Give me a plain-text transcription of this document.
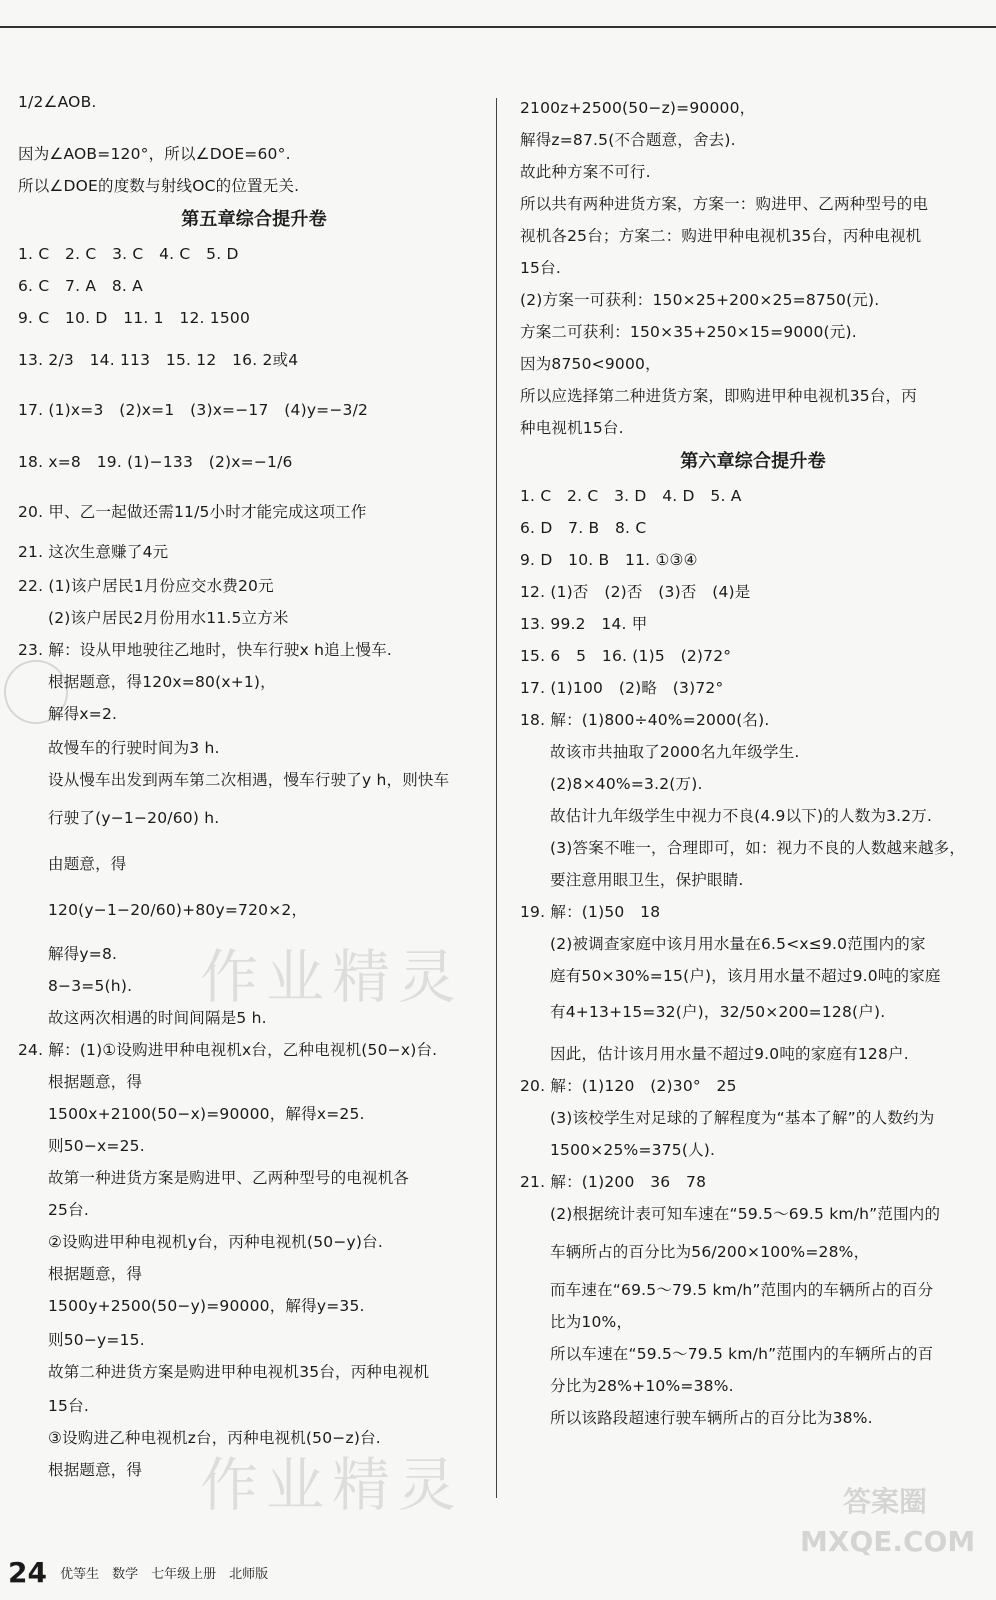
作业精灵
作业精灵	答案圈 MXQE.COM
1/2∠AOB.
因为∠AOB=120°，所以∠DOE=60°.
所以∠DOE的度数与射线OC的位置无关.
第五章综合提升卷
1. C　2. C　3. C　4. C　5. D
6. C　7. A　8. A
9. C　10. D　11. 1　12. 1500
13. 2/3　14. 113　15. 12　16. 2或4
17. (1)x=3　(2)x=1　(3)x=−17　(4)y=−3/2
18. x=8　19. (1)−133　(2)x=−1/6
20. 甲、乙一起做还需11/5小时才能完成这项工作
21. 这次生意赚了4元
22. (1)该户居民1月份应交水费20元
(2)该户居民2月份用水11.5立方米
23. 解：设从甲地驶往乙地时，快车行驶x h追上慢车.
根据题意，得120x=80(x+1)，
解得x=2.
故慢车的行驶时间为3 h.
设从慢车出发到两车第二次相遇，慢车行驶了y h，则快车
行驶了(y−1−20/60) h.
由题意，得
120(y−1−20/60)+80y=720×2，
解得y=8.
8−3=5(h).
故这两次相遇的时间间隔是5 h.
24. 解：(1)①设购进甲种电视机x台，乙种电视机(50−x)台.
根据题意，得
1500x+2100(50−x)=90000，解得x=25.
则50−x=25.
故第一种进货方案是购进甲、乙两种型号的电视机各
25台.
②设购进甲种电视机y台，丙种电视机(50−y)台.
根据题意，得
1500y+2500(50−y)=90000，解得y=35.
则50−y=15.
故第二种进货方案是购进甲种电视机35台，丙种电视机
15台.
③设购进乙种电视机z台，丙种电视机(50−z)台.
根据题意，得
2100z+2500(50−z)=90000，
解得z=87.5(不合题意，舍去).
故此种方案不可行.
所以共有两种进货方案，方案一：购进甲、乙两种型号的电
视机各25台；方案二：购进甲种电视机35台，丙种电视机
15台.
(2)方案一可获利：150×25+200×25=8750(元).
方案二可获利：150×35+250×15=9000(元).
因为8750<9000，
所以应选择第二种进货方案，即购进甲种电视机35台，丙
种电视机15台.
第六章综合提升卷
1. C　2. C　3. D　4. D　5. A
6. D　7. B　8. C
9. D　10. B　11. ①③④
12. (1)否　(2)否　(3)否　(4)是
13. 99.2　14. 甲
15. 6　5　16. (1)5　(2)72°
17. (1)100　(2)略　(3)72°
18. 解：(1)800÷40%=2000(名).
故该市共抽取了2000名九年级学生.
(2)8×40%=3.2(万).
故估计九年级学生中视力不良(4.9以下)的人数为3.2万.
(3)答案不唯一，合理即可，如：视力不良的人数越来越多，
要注意用眼卫生，保护眼睛.
19. 解：(1)50　18
(2)被调查家庭中该月用水量在6.5<x≤9.0范围内的家
庭有50×30%=15(户)，该月用水量不超过9.0吨的家庭
有4+13+15=32(户)，32/50×200=128(户).
因此，估计该月用水量不超过9.0吨的家庭有128户.
20. 解：(1)120　(2)30°　25
(3)该校学生对足球的了解程度为“基本了解”的人数约为
1500×25%=375(人).
21. 解：(1)200　36　78
(2)根据统计表可知车速在“59.5～69.5 km/h”范围内的
车辆所占的百分比为56/200×100%=28%，
而车速在“69.5～79.5 km/h”范围内的车辆所占的百分
比为10%，
所以车速在“59.5～79.5 km/h”范围内的车辆所占的百
分比为28%+10%=38%.
所以该路段超速行驶车辆所占的百分比为38%.
24 优等生　数学　七年级上册　北师版
